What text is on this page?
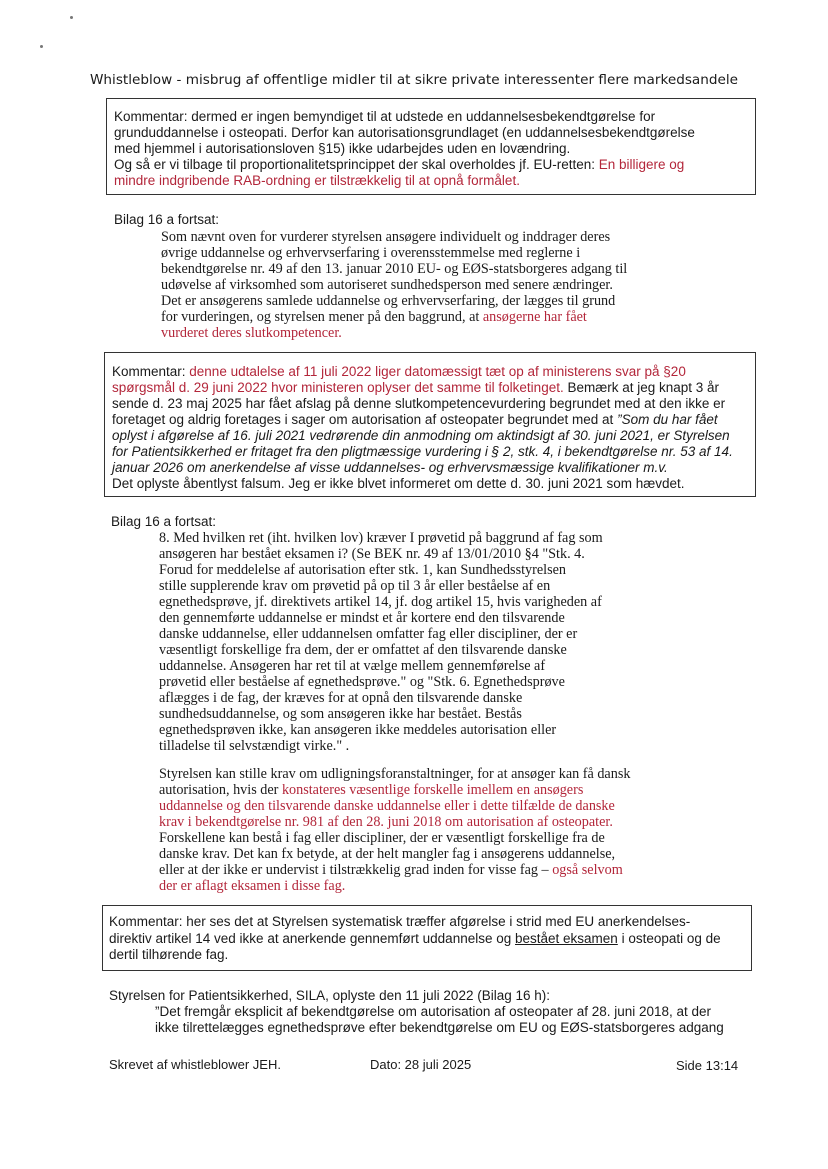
Whistleblow - misbrug af offentlige midler til at sikre private interessenter flere markedsandele
Kommentar: dermed er ingen bemyndiget til at udstede en uddannelsesbekendtgørelse for
grunduddannelse i osteopati. Derfor kan autorisationsgrundlaget (en uddannelsesbekendtgørelse
med hjemmel i autorisationsloven §15) ikke udarbejdes uden en lovændring.
Og så er vi tilbage til proportionalitetsprincippet der skal overholdes jf. EU-retten: En billigere og
mindre indgribende RAB-ordning er tilstrækkelig til at opnå formålet.
Bilag 16 a fortsat:
Som nævnt oven for vurderer styrelsen ansøgere individuelt og inddrager deres
øvrige uddannelse og erhvervserfaring i overensstemmelse med reglerne i
bekendtgørelse nr. 49 af den 13. januar 2010 EU- og EØS-statsborgeres adgang til
udøvelse af virksomhed som autoriseret sundhedsperson med senere ændringer.
Det er ansøgerens samlede uddannelse og erhvervserfaring, der lægges til grund
for vurderingen, og styrelsen mener på den baggrund, at ansøgerne har fået
vurderet deres slutkompetencer.
Kommentar: denne udtalelse af 11 juli 2022 liger datomæssigt tæt op af ministerens svar på §20
spørgsmål d. 29 juni 2022 hvor ministeren oplyser det samme til folketinget. Bemærk at jeg knapt 3 år
sende d. 23 maj 2025 har fået afslag på denne slutkompetencevurdering begrundet med at den ikke er
foretaget og aldrig foretages i sager om autorisation af osteopater begrundet med at ”Som du har fået
oplyst i afgørelse af 16. juli 2021 vedrørende din anmodning om aktindsigt af 30. juni 2021, er Styrelsen
for Patientsikkerhed er fritaget fra den pligtmæssige vurdering i § 2, stk. 4, i bekendtgørelse nr. 53 af 14.
januar 2026 om anerkendelse af visse uddannelses- og erhvervsmæssige kvalifikationer m.v.
Det oplyste åbentlyst falsum. Jeg er ikke blvet informeret om dette d. 30. juni 2021 som hævdet.
Bilag 16 a fortsat:
8. Med hvilken ret (iht. hvilken lov) kræver I prøvetid på baggrund af fag som
ansøgeren har bestået eksamen i? (Se BEK nr. 49 af 13/01/2010 §4 "Stk. 4.
Forud for meddelelse af autorisation efter stk. 1, kan Sundhedsstyrelsen
stille supplerende krav om prøvetid på op til 3 år eller beståelse af en
egnethedsprøve, jf. direktivets artikel 14, jf. dog artikel 15, hvis varigheden af
den gennemførte uddannelse er mindst et år kortere end den tilsvarende
danske uddannelse, eller uddannelsen omfatter fag eller discipliner, der er
væsentligt forskellige fra dem, der er omfattet af den tilsvarende danske
uddannelse. Ansøgeren har ret til at vælge mellem gennemførelse af
prøvetid eller beståelse af egnethedsprøve." og "Stk. 6. Egnethedsprøve
aflægges i de fag, der kræves for at opnå den tilsvarende danske
sundhedsuddannelse, og som ansøgeren ikke har bestået. Bestås
egnethedsprøven ikke, kan ansøgeren ikke meddeles autorisation eller
tilladelse til selvstændigt virke." .
Styrelsen kan stille krav om udligningsforanstaltninger, for at ansøger kan få dansk
autorisation, hvis der konstateres væsentlige forskelle imellem en ansøgers
uddannelse og den tilsvarende danske uddannelse eller i dette tilfælde de danske
krav i bekendtgørelse nr. 981 af den 28. juni 2018 om autorisation af osteopater.
Forskellene kan bestå i fag eller discipliner, der er væsentligt forskellige fra de
danske krav. Det kan fx betyde, at der helt mangler fag i ansøgerens uddannelse,
eller at der ikke er undervist i tilstrækkelig grad inden for visse fag – også selvom
der er aflagt eksamen i disse fag.
Kommentar: her ses det at Styrelsen systematisk træffer afgørelse i strid med EU anerkendelses-
direktiv artikel 14 ved ikke at anerkende gennemført uddannelse og bestået eksamen i osteopati og de
dertil tilhørende fag.
Styrelsen for Patientsikkerhed, SILA, oplyste den 11 juli 2022 (Bilag 16 h):
”Det fremgår eksplicit af bekendtgørelse om autorisation af osteopater af 28. juni 2018, at der
ikke tilrettelægges egnethedsprøve efter bekendtgørelse om EU og EØS-statsborgeres adgang
Skrevet af whistleblower JEH.	Dato: 28 juli 2025	Side 13:14
